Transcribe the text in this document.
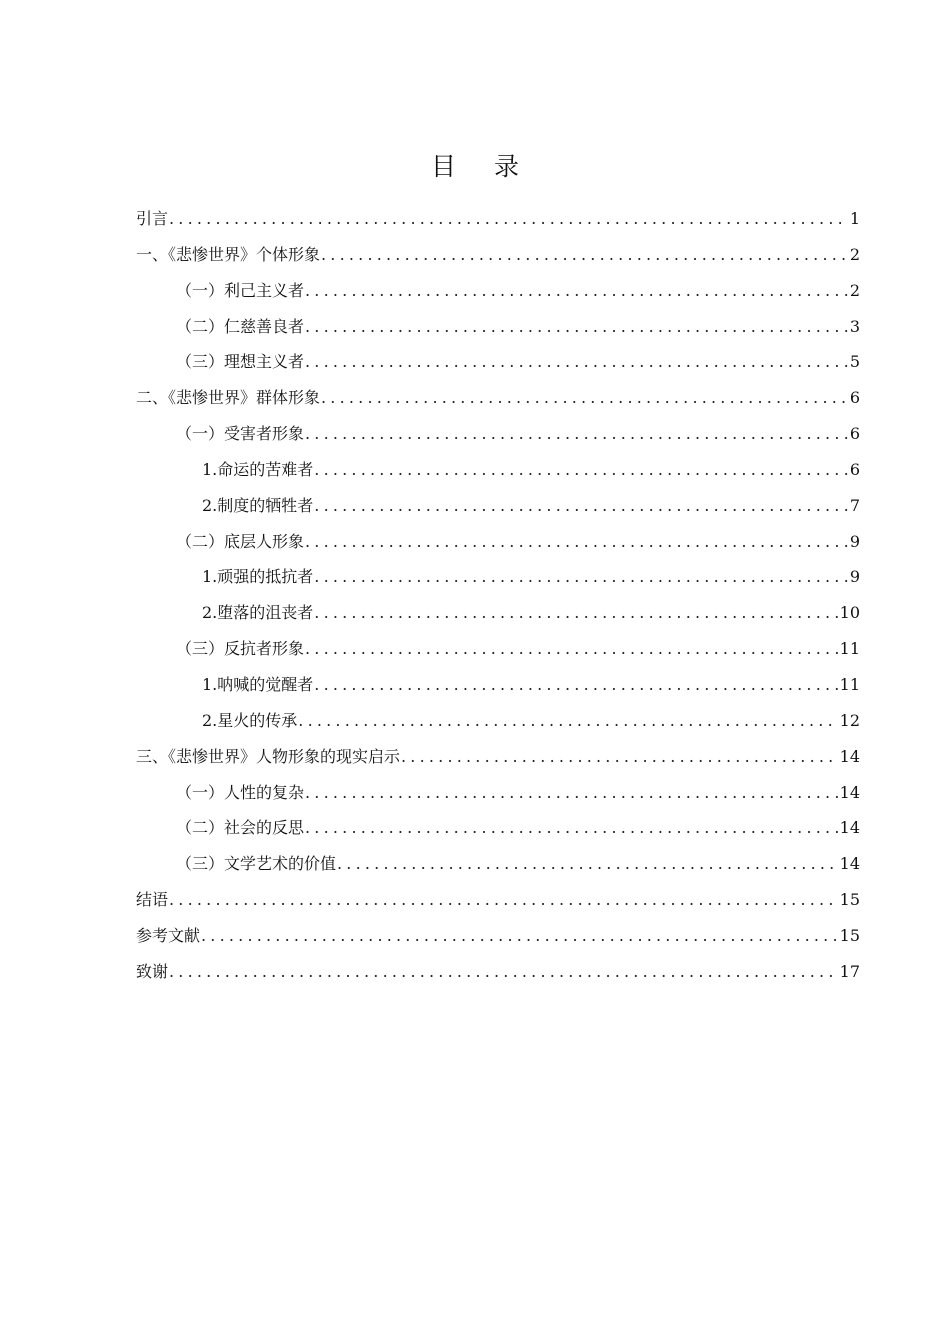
目录
引言 .....	1
一、《悲惨世界》个体形象 .....	2
（一）利己主义者 .....	2
（二）仁慈善良者 .....	3
（三）理想主义者 .....	5
二、《悲惨世界》群体形象 .....	6
（一）受害者形象 .....	6
1.命运的苦难者 .....	6
2.制度的牺牲者 .....	7
（二）底层人形象 .....	9
1.顽强的抵抗者 .....	9
2.堕落的沮丧者 .....	10
（三）反抗者形象 .....	11
1.呐喊的觉醒者 .....	11
2.星火的传承 .....	12
三、《悲惨世界》人物形象的现实启示 .....	14
（一）人性的复杂 .....	14
（二）社会的反思 .....	14
（三）文学艺术的价值 .....	14
结语 .....	15
参考文献 .....	15
致谢 .....	17
